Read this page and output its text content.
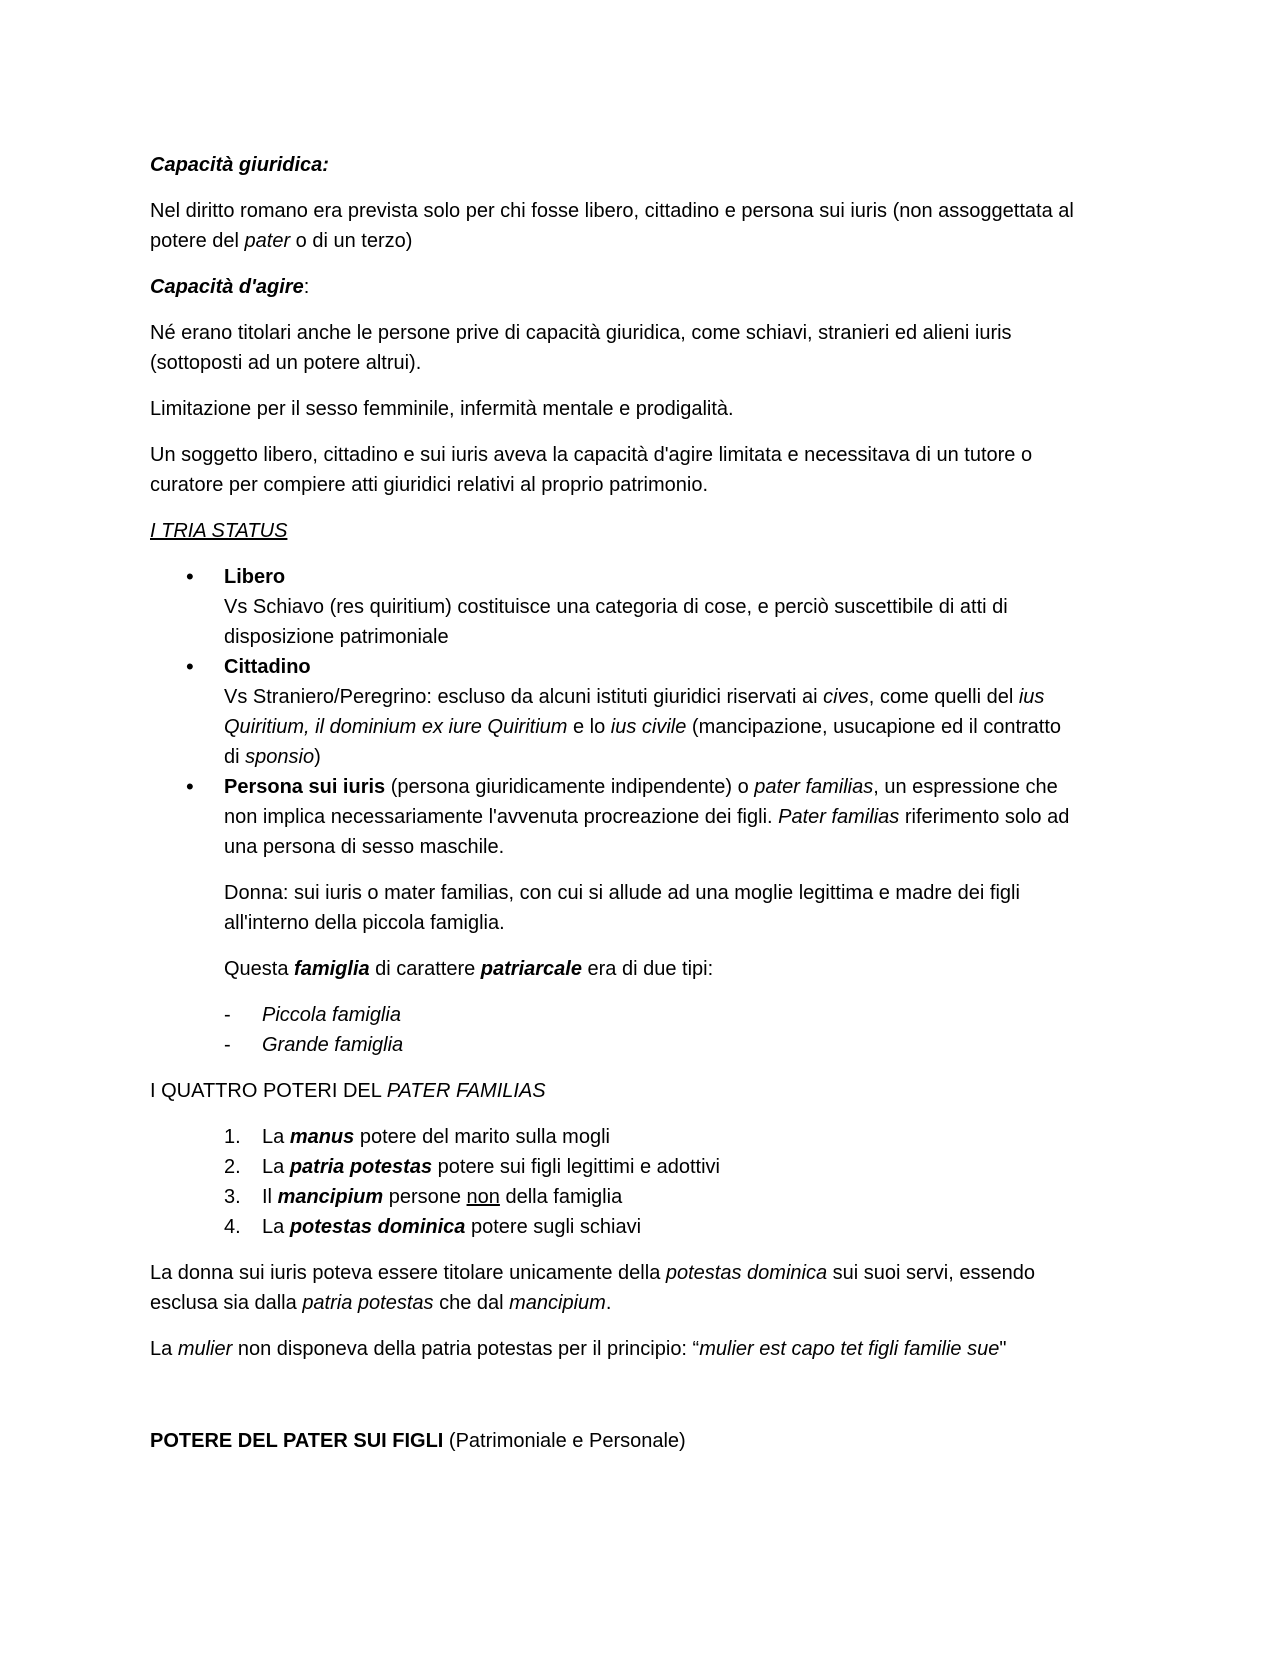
Capacità giuridica:
Nel diritto romano era prevista solo per chi fosse libero, cittadino e persona sui iuris (non assoggettata al
potere del pater o di un terzo)
Capacità d'agire:
Né erano titolari anche le persone prive di capacità giuridica, come schiavi, stranieri ed alieni iuris
(sottoposti ad un potere altrui).
Limitazione per il sesso femminile, infermità mentale e prodigalità.
Un soggetto libero, cittadino e sui iuris aveva la capacità d'agire limitata e necessitava di un tutore o
curatore per compiere atti giuridici relativi al proprio patrimonio.
I TRIA STATUS
• Libero
Vs Schiavo (res quiritium) costituisce una categoria di cose, e perciò suscettibile di atti di
disposizione patrimoniale
• Cittadino
Vs Straniero/Peregrino: escluso da alcuni istituti giuridici riservati ai cives, come quelli del ius
Quiritium, il dominium ex iure Quiritium e lo ius civile (mancipazione, usucapione ed il contratto
di sponsio)
• Persona sui iuris (persona giuridicamente indipendente) o pater familias, un espressione che
non implica necessariamente l'avvenuta procreazione dei figli. Pater familias riferimento solo ad
una persona di sesso maschile.
Donna: sui iuris o mater familias, con cui si allude ad una moglie legittima e madre dei figli
all'interno della piccola famiglia.
Questa famiglia di carattere patriarcale era di due tipi:
- Piccola famiglia
- Grande famiglia
I QUATTRO POTERI DEL PATER FAMILIAS
1. La manus potere del marito sulla mogli
2. La patria potestas potere sui figli legittimi e adottivi
3. Il mancipium persone non della famiglia
4. La potestas dominica potere sugli schiavi
La donna sui iuris poteva essere titolare unicamente della potestas dominica sui suoi servi, essendo
esclusa sia dalla patria potestas che dal mancipium.
La mulier non disponeva della patria potestas per il principio: “mulier est capo tet figli familie sue"
POTERE DEL PATER SUI FIGLI (Patrimoniale e Personale)
